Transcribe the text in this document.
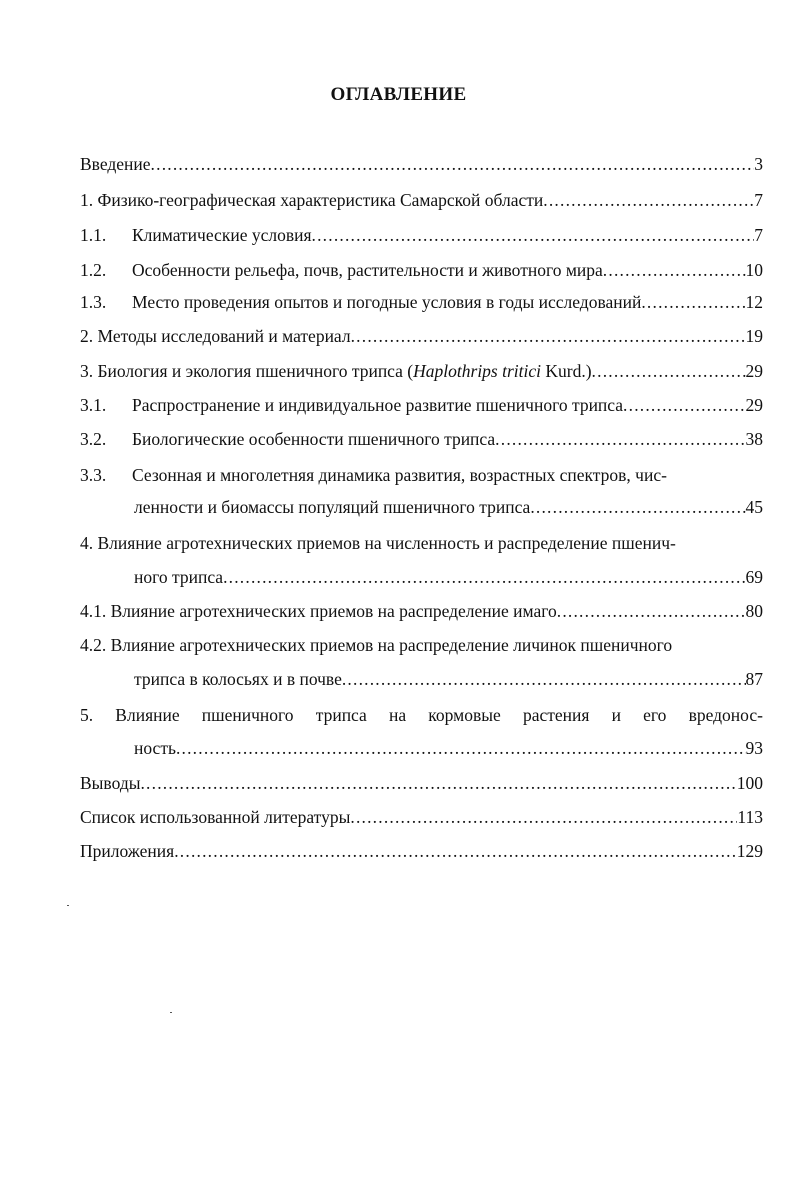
ОГЛАВЛЕНИЕ
Введение .....	3
1. Физико-географическая характеристика Самарской области .....	7
1.1.	Климатические условия .....	7
1.2.	Особенности рельефа, почв, растительности и животного мира .....	10
1.3.	Место проведения опытов и погодные условия в годы исследований .....	12
2. Методы исследований и материал .....	19
3. Биология и экология пшеничного трипса (Haplothrips tritici Kurd.) .....	29
3.1.	Распространение и индивидуальное развитие пшеничного трипса .....	29
3.2.	Биологические особенности пшеничного трипса .....	38
3.3.	Сезонная и многолетняя динамика развития, возрастных спектров, чис-
ленности и биомассы популяций пшеничного трипса .....	45
4. Влияние агротехнических приемов на численность и распределение пшенич-
ного трипса .....	69
4.1. Влияние агротехнических приемов на распределение имаго .....	80
4.2. Влияние агротехнических приемов на распределение личинок пшеничного
трипса в колосьях и в почве .....	87
5. Влияние пшеничного трипса на кормовые растения и его вредонос-
ность .....	93
Выводы .....	100
Список использованной литературы .....	113
Приложения .....	129
